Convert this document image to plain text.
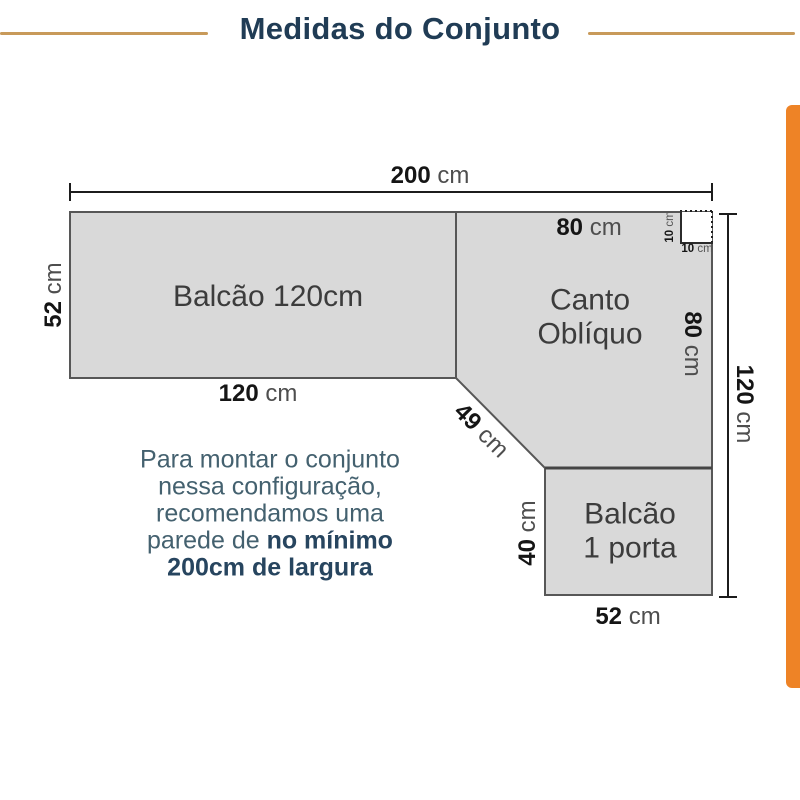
Medidas do Conjunto
200 cm
80 cm
52 cm
120 cm
49 cm
80 cm
120 cm
40 cm
52 cm
10 cm
10 cm
Balcão 120cm	Canto
Oblíquo
Balcão
1 porta
Para montar o conjunto
nessa configuração,
recomendamos uma
parede de no mínimo
200cm de largura
